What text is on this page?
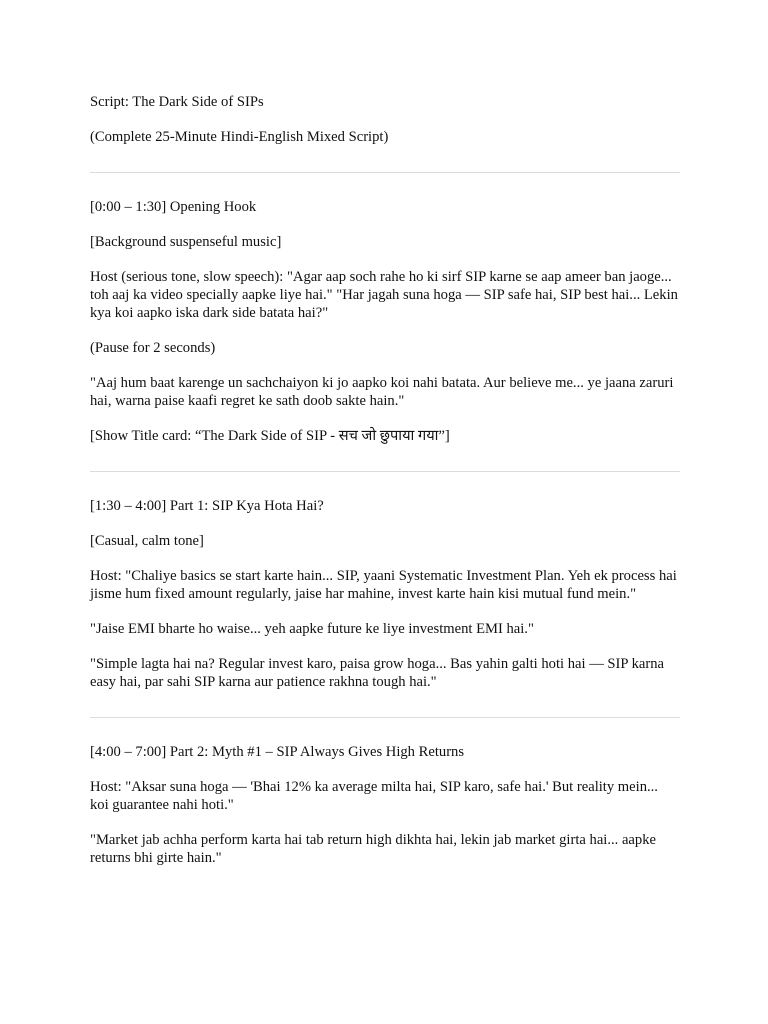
Script: The Dark Side of SIPs

(Complete 25-Minute Hindi-English Mixed Script)

[0:00 – 1:30] Opening Hook

[Background suspenseful music]

Host (serious tone, slow speech): "Agar aap soch rahe ho ki sirf SIP karne se aap ameer ban jaoge... toh aaj ka video specially aapke liye hai." "Har jagah suna hoga — SIP safe hai, SIP best hai... Lekin kya koi aapko iska dark side batata hai?"

(Pause for 2 seconds)

"Aaj hum baat karenge un sachchaiyon ki jo aapko koi nahi batata. Aur believe me... ye jaana zaruri hai, warna paise kaafi regret ke sath doob sakte hain."

[Show Title card: “The Dark Side of SIP - सच जो छुपाया गया”]

[1:30 – 4:00] Part 1: SIP Kya Hota Hai?

[Casual, calm tone]

Host: "Chaliye basics se start karte hain... SIP, yaani Systematic Investment Plan. Yeh ek process hai jisme hum fixed amount regularly, jaise har mahine, invest karte hain kisi mutual fund mein."

"Jaise EMI bharte ho waise... yeh aapke future ke liye investment EMI hai."

"Simple lagta hai na? Regular invest karo, paisa grow hoga... Bas yahin galti hoti hai — SIP karna easy hai, par sahi SIP karna aur patience rakhna tough hai."

[4:00 – 7:00] Part 2: Myth #1 – SIP Always Gives High Returns

Host: "Aksar suna hoga — 'Bhai 12% ka average milta hai, SIP karo, safe hai.' But reality mein... koi guarantee nahi hoti."

"Market jab achha perform karta hai tab return high dikhta hai, lekin jab market girta hai... aapke returns bhi girte hain."
